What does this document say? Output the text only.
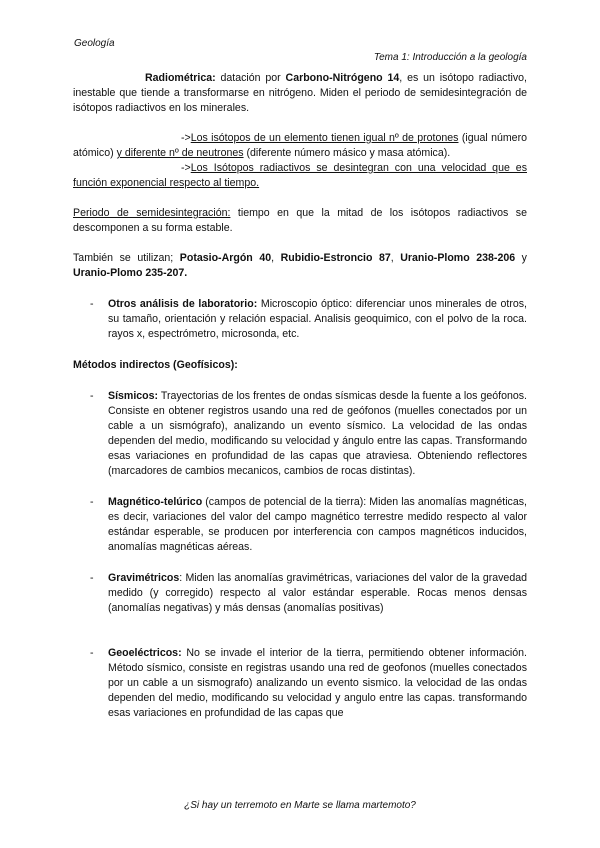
Geología
Tema 1: Introducción a la geología

Radiométrica: datación por Carbono-Nitrógeno 14, es un isótopo radiactivo, inestable que tiende a transformarse en nitrógeno. Miden el periodo de semidesintegración de isótopos radiactivos en los minerales.

->Los isótopos de un elemento tienen igual nº de protones (igual número atómico) y diferente nº de neutrones (diferente número másico y masa atómica).

->Los Isótopos radiactivos se desintegran con una velocidad que es función exponencial respecto al tiempo.

Periodo de semidesintegración: tiempo en que la mitad de los isótopos radiactivos se descomponen a su forma estable.

También se utilizan; Potasio-Argón 40, Rubidio-Estroncio 87, Uranio-Plomo 238-206 y Uranio-Plomo 235-207.

- Otros análisis de laboratorio: Microscopio óptico: diferenciar unos minerales de otros, su tamaño, orientación y relación espacial. Analisis geoquimico, con el polvo de la roca. rayos x, espectrómetro, microsonda, etc.

Métodos indirectos (Geofísicos):

- Sísmicos: Trayectorias de los frentes de ondas sísmicas desde la fuente a los geófonos. Consiste en obtener registros usando una red de geófonos (muelles conectados por un cable a un sismógrafo), analizando un evento sísmico. La velocidad de las ondas dependen del medio, modificando su velocidad y ángulo entre las capas. Transformando esas variaciones en profundidad de las capas que atraviesa. Obteniendo reflectores (marcadores de cambios mecanicos, cambios de rocas distintas).

- Magnético-telúrico (campos de potencial de la tierra): Miden las anomalías magnéticas, es decir, variaciones del valor del campo magnético terrestre medido respecto al valor estándar esperable, se producen por interferencia con campos magnéticos inducidos, anomalías magnéticas aéreas.

- Gravimétricos: Miden las anomalías gravimétricas, variaciones del valor de la gravedad medido (y corregido) respecto al valor estándar esperable. Rocas menos densas (anomalías negativas) y más densas (anomalías positivas)

- Geoeléctricos: No se invade el interior de la tierra, permitiendo obtener información. Método sísmico, consiste en registras usando una red de geofonos (muelles conectados por un cable a un sismografo) analizando un evento sismico. la velocidad de las ondas dependen del medio, modificando su velocidad y angulo entre las capas. transformando esas variaciones en profundidad de las capas que

¿Si hay un terremoto en Marte se llama martemoto?
